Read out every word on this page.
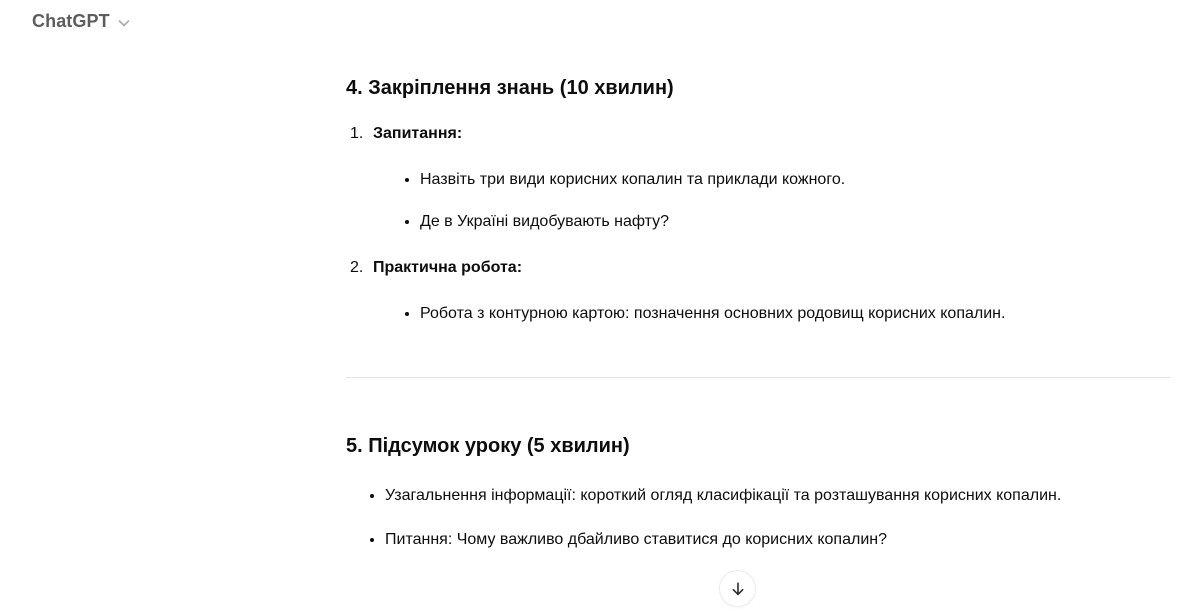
ChatGPT
4. Закріплення знань (10 хвилин)
1. Запитання:
• Назвіть три види корисних копалин та приклади кожного.
• Де в Україні видобувають нафту?
2. Практична робота:
• Робота з контурною картою: позначення основних родовищ корисних копалин.
5. Підсумок уроку (5 хвилин)
• Узагальнення інформації: короткий огляд класифікації та розташування корисних копалин.
• Питання: Чому важливо дбайливо ставитися до корисних копалин?
